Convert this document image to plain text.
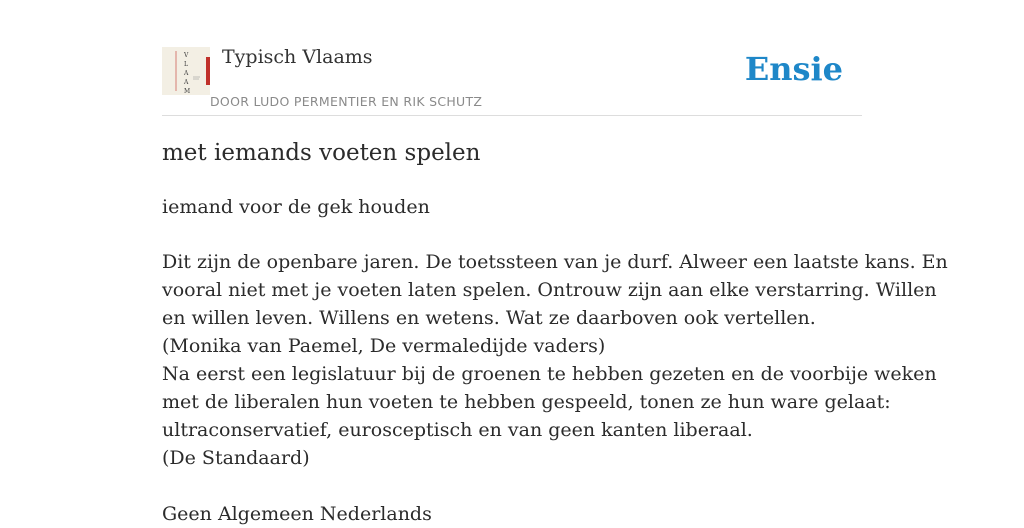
V
L
A
A
M
Typisch Vlaams
DOOR LUDO PERMENTIER EN RIK SCHUTZ
Ensie
met iemands voeten spelen
iemand voor de gek houden
Dit zijn de openbare jaren. De toetssteen van je durf. Alweer een laatste kans. En
vooral niet met je voeten laten spelen. Ontrouw zijn aan elke verstarring. Willen
en willen leven. Willens en wetens. Wat ze daarboven ook vertellen.
(Monika van Paemel, De vermaledijde vaders)
Na eerst een legislatuur bij de groenen te hebben gezeten en de voorbije weken
met de liberalen hun voeten te hebben gespeeld, tonen ze hun ware gelaat:
ultraconservatief, eurosceptisch en van geen kanten liberaal.
(De Standaard)
Geen Algemeen Nederlands
